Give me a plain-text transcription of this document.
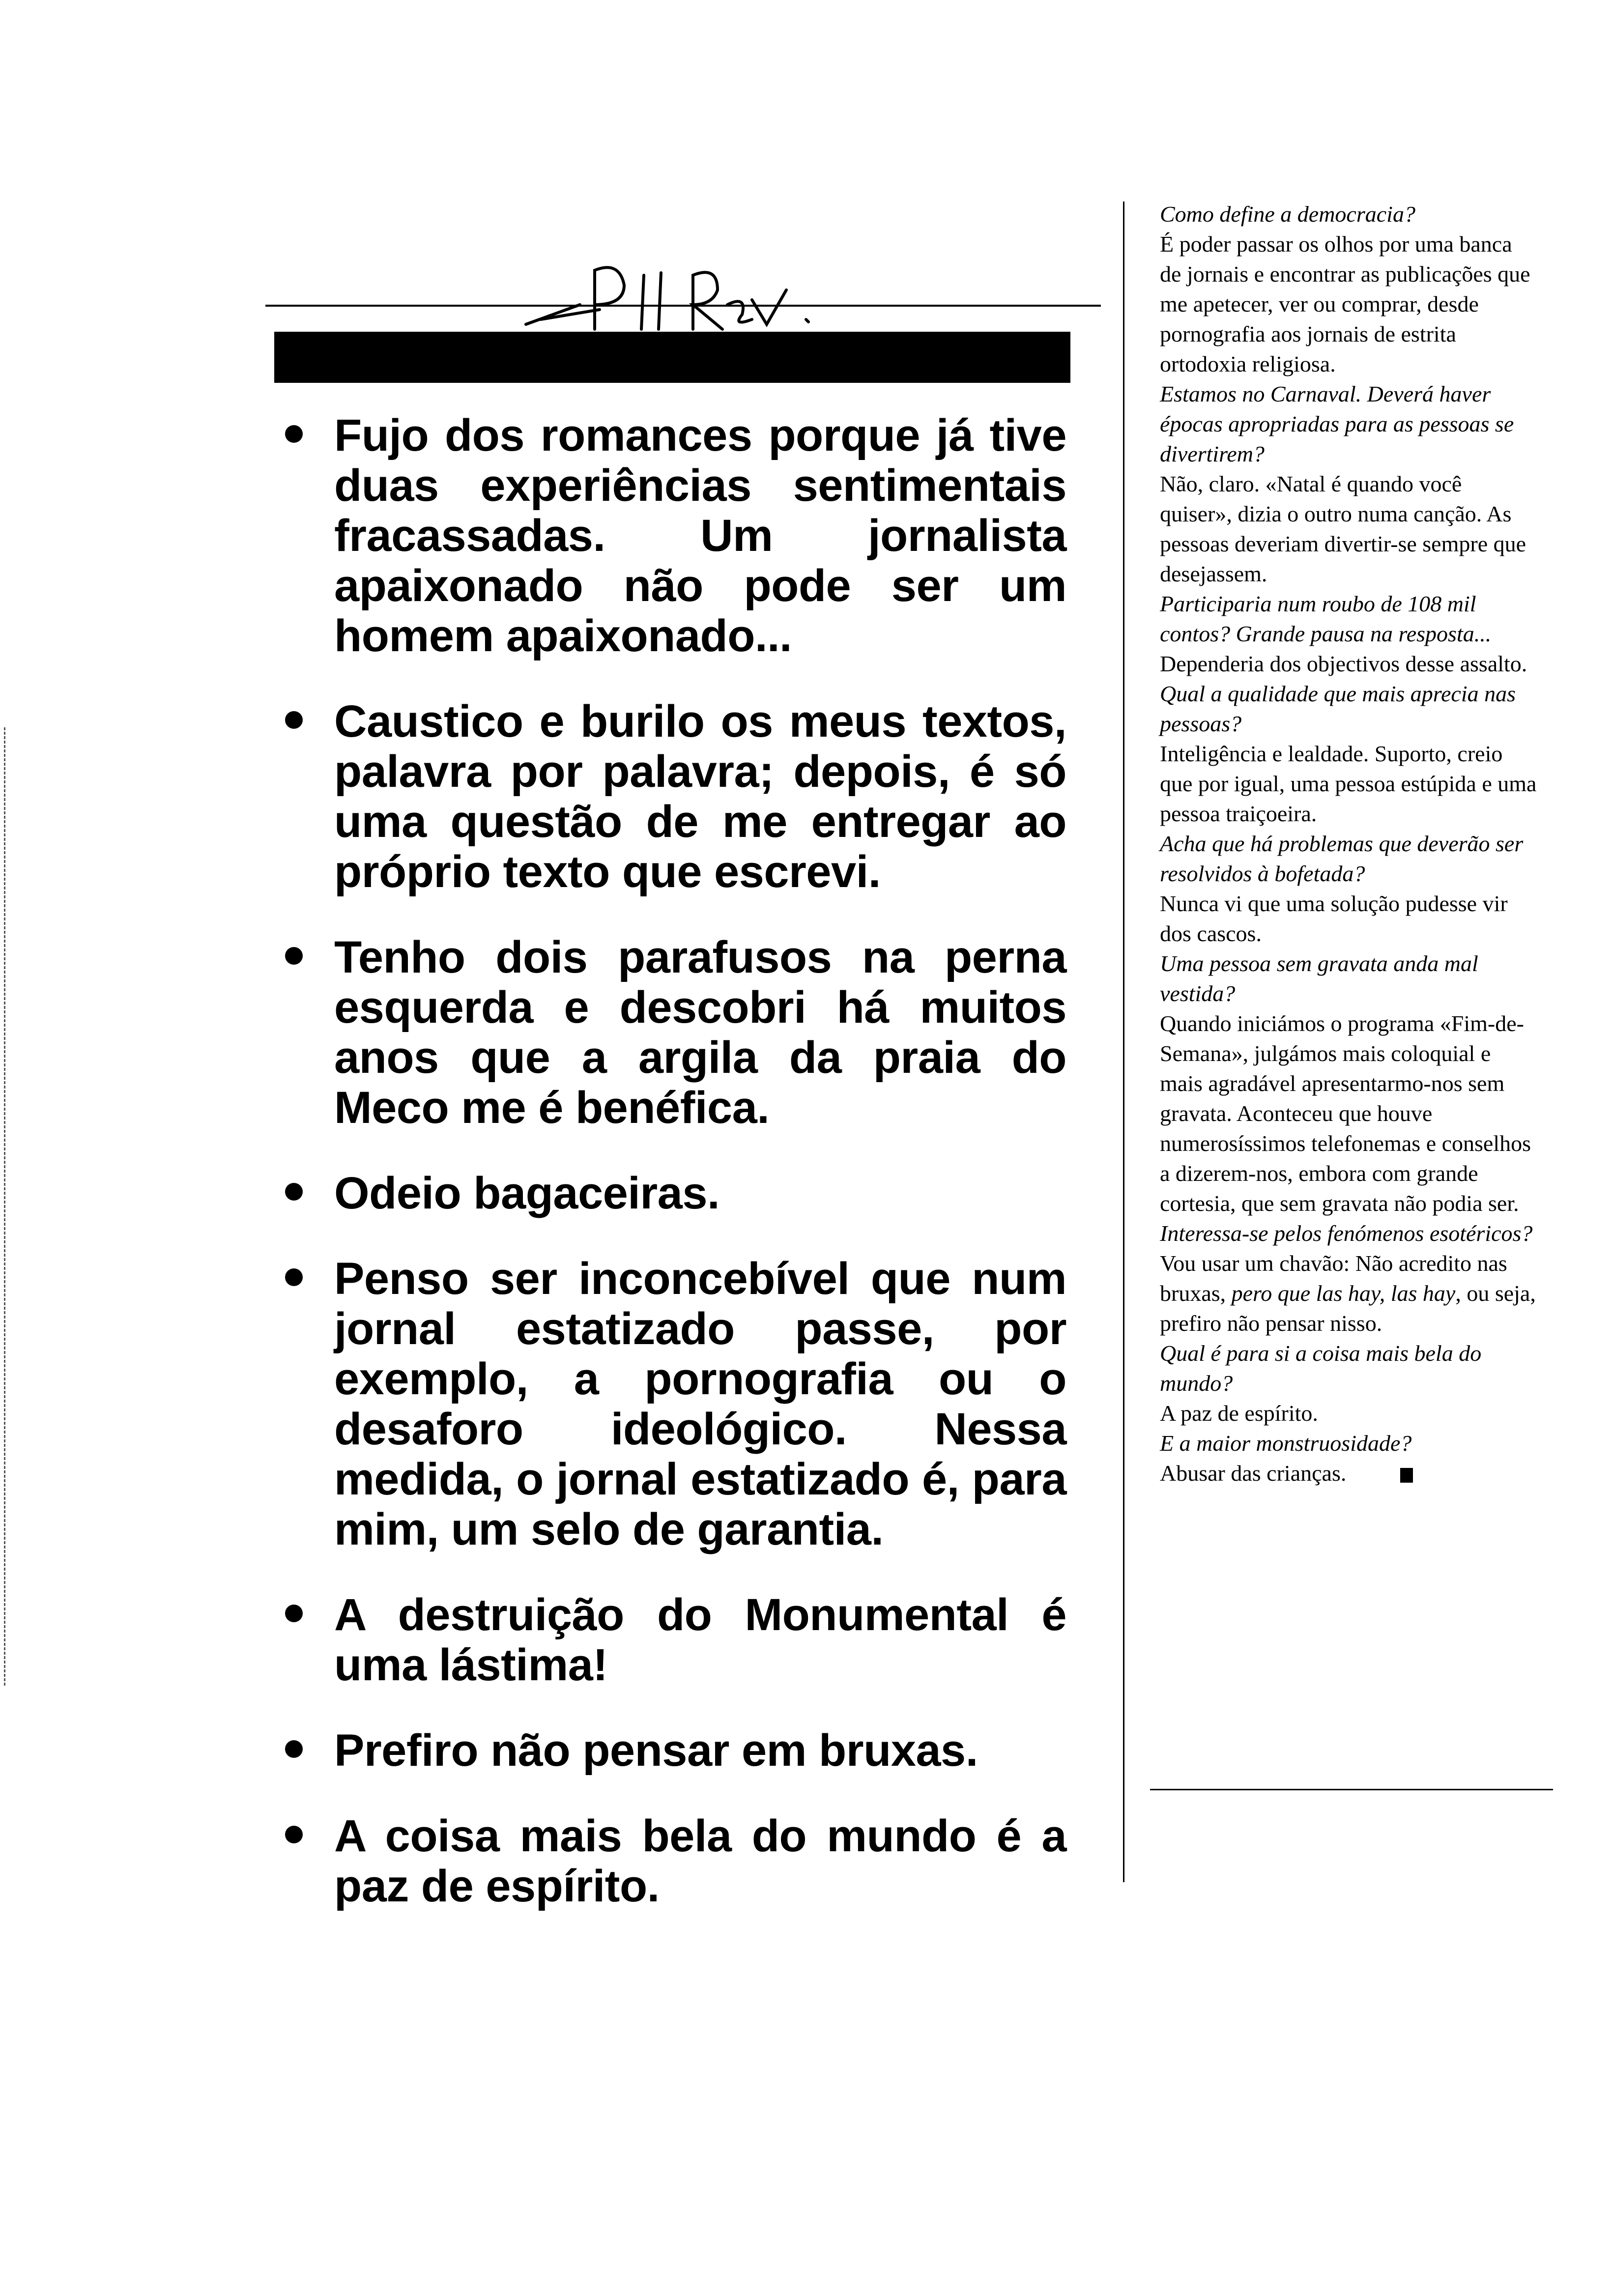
Fujo dos romances porque já tive duas experiências sentimentais fracassadas. Um jornalista apaixonado não pode ser um homem apaixonado...
Caustico e burilo os meus textos, palavra por palavra; depois, é só uma questão de me entregar ao próprio texto que escrevi.
Tenho dois parafusos na perna esquerda e descobri há muitos anos que a argila da praia do Meco me é benéfica.
Odeio bagaceiras.
Penso ser inconcebível que num jornal estatizado passe, por exemplo, a pornografia ou o desaforo ideológico. Nessa medida, o jornal estatizado é, para mim, um selo de garantia.
A destruição do Monumental é uma lástima!
Prefiro não pensar em bruxas.
A coisa mais bela do mundo é a paz de espírito.

Como define a democracia?

É poder passar os olhos por uma banca de jornais e encontrar as publicações que me apetecer, ver ou comprar, desde pornografia aos jornais de estrita ortodoxia religiosa.

Estamos no Carnaval. Deverá haver épocas apropriadas para as pessoas se divertirem?

Não, claro. «Natal é quando você quiser», dizia o outro numa canção. As pessoas deveriam divertir-se sempre que desejassem.

Participaria num roubo de 108 mil contos? Grande pausa na resposta...

Dependeria dos objectivos desse assalto.

Qual a qualidade que mais aprecia nas pessoas?

Inteligência e lealdade. Suporto, creio que por igual, uma pessoa estúpida e uma pessoa traiçoeira.

Acha que há problemas que deverão ser resolvidos à bofetada?

Nunca vi que uma solução pudesse vir dos cascos.

Uma pessoa sem gravata anda mal vestida?

Quando iniciámos o programa «Fim-de-Semana», julgámos mais coloquial e mais agradável apresentarmo-nos sem gravata. Aconteceu que houve numerosíssimos telefonemas e conselhos a dizerem-nos, embora com grande cortesia, que sem gravata não podia ser.

Interessa-se pelos fenómenos esotéricos?

Vou usar um chavão: Não acredito nas bruxas, pero que las hay, las hay, ou seja, prefiro não pensar nisso.

Qual é para si a coisa mais bela do mundo?

A paz de espírito.

E a maior monstruosidade?

Abusar das crianças.
